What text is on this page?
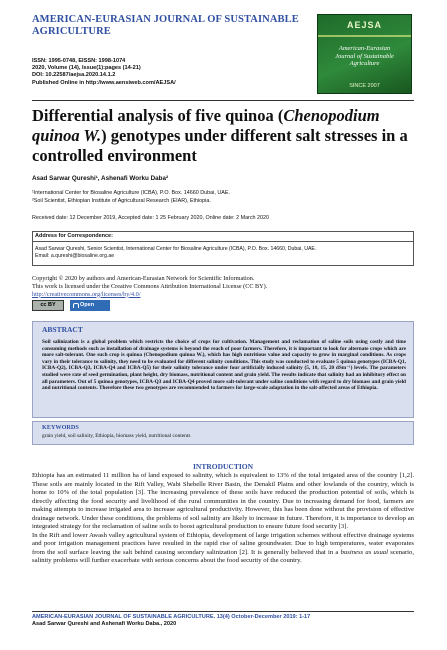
AMERICAN-EURASIAN JOURNAL OF SUSTAINABLE AGRICULTURE
AEJSA
American-Eurasian
Journal of Sustainable
Agriculture
SINCE 2007
ISSN: 1995-0748, EISSN: 1998-1074
2020, Volume (14), Issue(1):pages (14-21)
DOI: 10.22587/aejsa.2020.14.1.2
Published Online in http://www.aensiweb.com/AEJSA/
Differential analysis of five quinoa (Chenopodium quinoa W.) genotypes under different salt stresses in a controlled environment
Asad Sarwar Qureshi¹, Ashenafi Worku Daba²
¹International Center for Biosaline Agriculture (ICBA), P.O. Box. 14660 Dubai, UAE.
²Soil Scientist, Ethiopian Institute of Agricultural Research (EIAR), Ethiopia.
Received date: 12 December 2019, Accepted date: 1 25 February 2020, Online date: 2 March 2020
Address for Correspondence:
Asad Sarwar Qureshi, Senior Scientist, International Center for Biosaline Agriculture (ICBA), P.O. Box. 14660, Dubai, UAE.
Email: a.qureshi@biosaline.org.ae
Copyright © 2020 by authors and American-Eurasian Network for Scientific Information.
This work is licensed under the Creative Commons Attribution International License (CC BY).
http://creativecommons.org/licenses/by/4.0/
cc BY	Open Access
ABSTRACT
Soil salinization is a global problem which restricts the choice of crops for cultivation. Management and reclamation of saline soils using costly and time consuming methods such as installation of drainage systems is beyond the reach of poor farmers. Therefore, it is important to look for alternate crops which are more salt-tolerant. One such crop is quinoa (Chenopodium quinoa W.), which has high nutritious value and capacity to grow in marginal conditions. As crops vary in their tolerance to salinity, they need to be evaluated for different salinity conditions. This study was conducted to evaluate 5 quinoa genotypes (ICBA-Q1, ICBA-Q2), ICBA-Q3, ICBA-Q4 and ICBA-Q5) for their salinity tolerance under four artificially induced salinity (5, 10, 15, 20 dSm⁻¹) levels. The parameters studied were rate of seed germination, plant height, dry biomass, nutritional content and grain yield. The results indicate that salinity had an inhibitory effect on all parameters. Out of 5 quinoa genotypes, ICBA-Q3 and ICBA-Q4 proved more salt-tolerant under saline conditions with regard to dry biomass and grain yield and nutritional contents. Therefore these two genotypes are recommended to farmers for large-scale adaptation in the salt-affected areas of Ethiopia.
KEYWORDS
grain yield, soil salinity, Ethiopia, biomass yield, nutritional contents
INTRODUCTION

Ethiopia has an estimated 11 million ha of land exposed to salinity, which is equivalent to 13% of the total irrigated area of the country [1,2]. These soils are mainly located in the Rift Valley, Wabi Shebelle River Basin, the Denakil Plains and other lowlands of the country, which is home to 10% of the total population [3]. The increasing prevalence of these soils have reduced the production potential of soils, which is directly affecting the food security and livelihood of the rural communities in the country. Due to increasing demand for food, farmers are making attempts to increase irrigated area to increase agricultural productivity. However, this has been done without the provision of effective drainage network. Under these conditions, the problems of soil salinity are likely to increase in future. Therefore, it is importance to develop an integrated strategy for the reclamation of saline soils to boost agricultural production to ensure future food security [3].

In the Rift and lower Awash valley agricultural system of Ethiopia, development of large irrigation schemes without effective drainage systems and poor irrigation management practices have resulted in the rapid rise of saline groundwater. Due to high temperatures, water evaporates from the soil surface leaving the salt behind causing secondary salinization [2]. It is generally believed that in a business as usual scenario, salinity problems will further exacerbate with serious concerns about the food security of the country.

AMERICAN-EURASIAN JOURNAL OF SUSTAINABLE AGRICULTURE. 13(4) October-December 2019: 1-17
Asad Sarwar Qureshi and Ashenafi Worku Daba., 2020
